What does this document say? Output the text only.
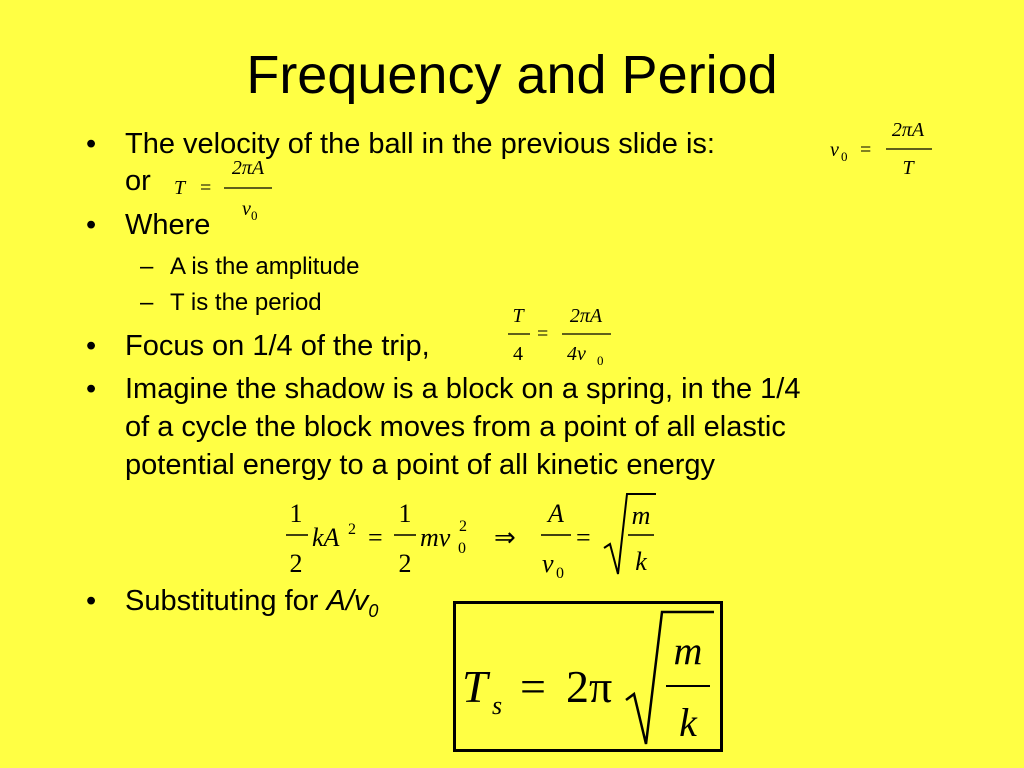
Frequency and Period
• The velocity of the ball in the previous slide is:
or
v 0 =
2πA
T
T =
2πA
v 0
• Where
– A is the amplitude
– T is the period
• Focus on 1/4 of the trip,
T
4
=
2πA
4v 0
• Imagine the shadow is a block on a spring, in the 1/4
of a cycle the block moves from a point of all elastic
potential energy to a point of all kinetic energy
1
2
kA 2 =
1
2
mv 2
0 ⇒
A
v 0
=
m
k
• Substituting for $A/v_0$
T s = 2π
m
k
